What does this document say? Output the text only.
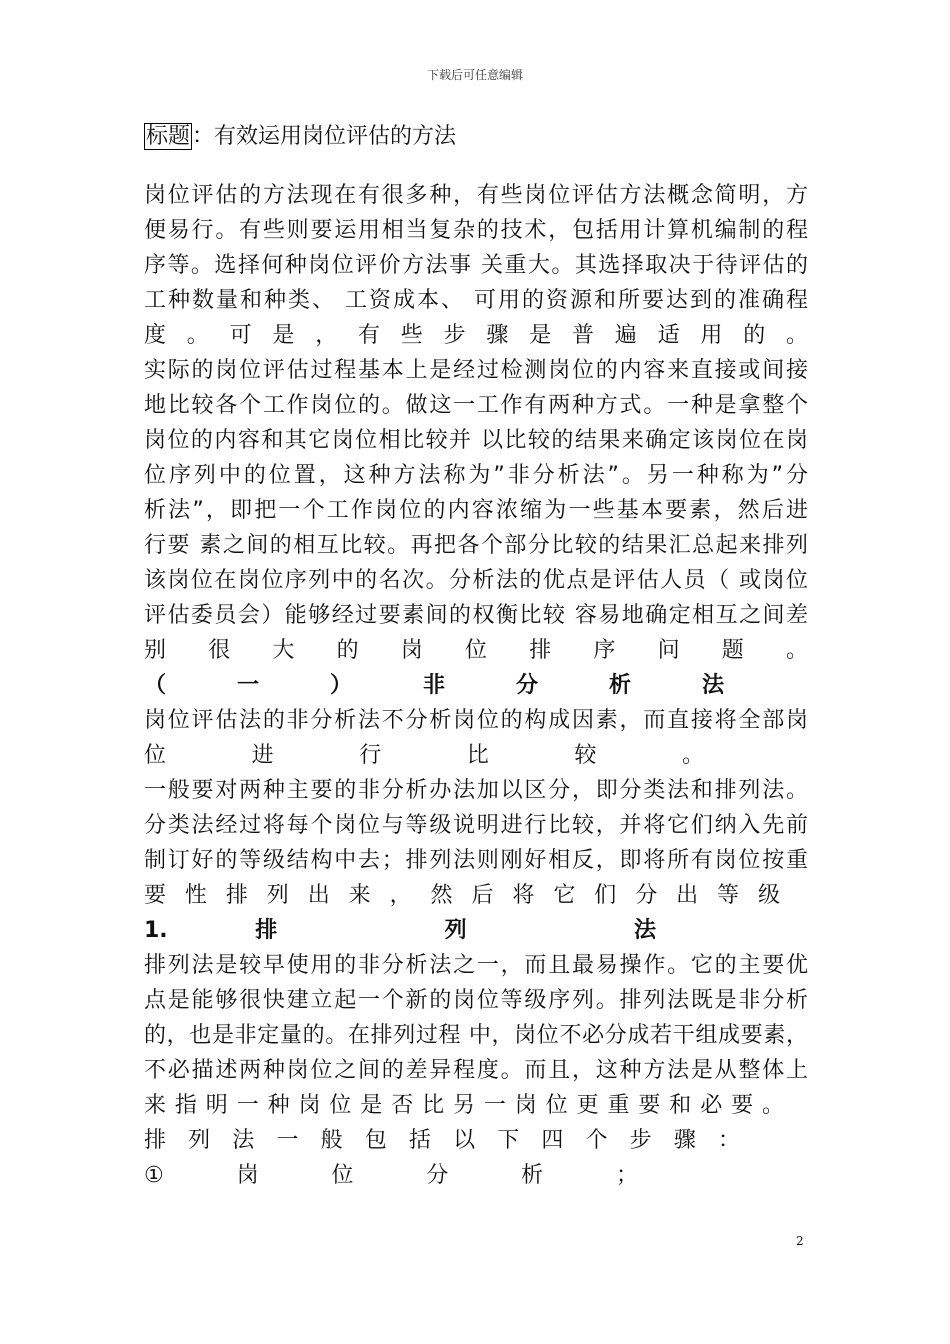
下载后可任意编辑
标题：有效运用岗位评估的方法
岗位评估的方法现在有很多种，有些岗位评估方法概念简明，方
便易行。有些则要运用相当复杂的技术，包括用计算机编制的程
序等。选择何种岗位评价方法事 关重大。其选择取决于待评估的
工种数量和种类、 工资成本、 可用的资源和所要达到的准确程
度 。 可 是 ， 有 些 步 骤 是 普 遍 适 用 的 。
实际的岗位评估过程基本上是经过检测岗位的内容来直接或间接
地比较各个工作岗位的。做这一工作有两种方式。一种是拿整个
岗位的内容和其它岗位相比较并 以比较的结果来确定该岗位在岗
位序列中的位置，这种方法称为”非分析法”。另一种称为”分
析法”，即把一个工作岗位的内容浓缩为一些基本要素，然后进
行要 素之间的相互比较。再把各个部分比较的结果汇总起来排列
该岗位在岗位序列中的名次。分析法的优点是评估人员（ 或岗位
评估委员会）能够经过要素间的权衡比较 容易地确定相互之间差
别 很 大 的 岗 位 排 序 问 题 。
（ 一 ） 非 分 析 法
岗位评估法的非分析法不分析岗位的构成因素，而直接将全部岗
位 进 行 比 较 。
一般要对两种主要的非分析办法加以区分，即分类法和排列法。
分类法经过将每个岗位与等级说明进行比较，并将它们纳入先前
制订好的等级结构中去；排列法则刚好相反，即将所有岗位按重
要 性 排 列 出 来 ， 然 后 将 它 们 分 出 等 级
1. 排 列 法
排列法是较早使用的非分析法之一，而且最易操作。它的主要优
点是能够很快建立起一个新的岗位等级序列。排列法既是非分析
的，也是非定量的。在排列过程 中，岗位不必分成若干组成要素，
不必描述两种岗位之间的差异程度。而且，这种方法是从整体上
来 指 明 一 种 岗 位 是 否 比 另 一 岗 位 更 重 要 和 必 要 。
排 列 法 一 般 包 括 以 下 四 个 步 骤 ：
① 岗 位 分 析 ；
2
